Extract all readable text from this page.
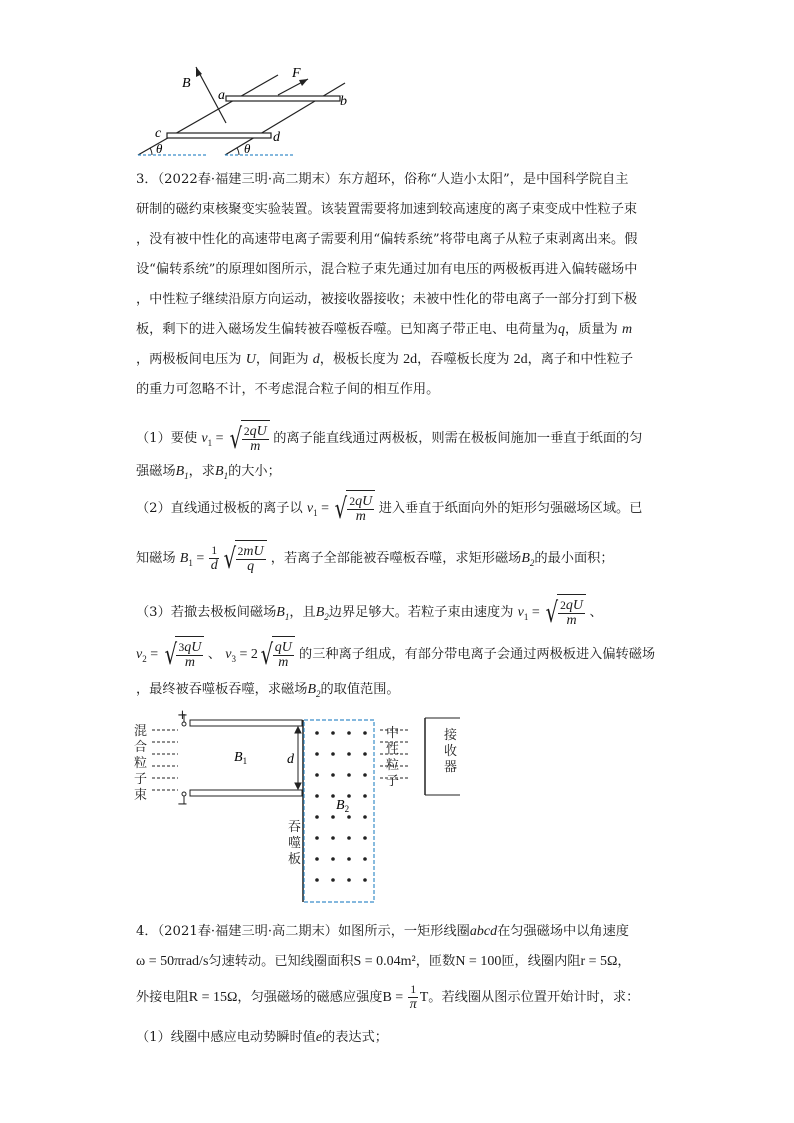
B
F
a	b
c	d
θ	θ
3．（2022春·福建三明·高二期末）东方超环，俗称“人造小太阳”，是中国科学院自主
研制的磁约束核聚变实验装置。该装置需要将加速到较高速度的离子束变成中性粒子束
，没有被中性化的高速带电离子需要利用“偏转系统”将带电离子从粒子束剥离出来。假
设“偏转系统”的原理如图所示，混合粒子束先通过加有电压的两极板再进入偏转磁场中
，中性粒子继续沿原方向运动，被接收器接收；未被中性化的带电离子一部分打到下极
板，剩下的进入磁场发生偏转被吞噬板吞噬。已知离子带正电、电荷量为q，质量为 m
，两极板间电压为 U，间距为 d，极板长度为 2d，吞噬板长度为 2d，离子和中性粒子
的重力可忽略不计，不考虑混合粒子间的相互作用。
（1）要使 $v_1$ = √ $\frac{2qU}{m}$ 的离子能直线通过两极板，则需在极板间施加一垂直于纸面的匀
强磁场$B_1$，求$B_1$的大小；
（2）直线通过极板的离子以 $v_1$ = √ $\frac{2qU}{m}$ 进入垂直于纸面向外的矩形匀强磁场区域。已
知磁场 $B_1 = \frac{1}{d}$ √ $\frac{2mU}{q}$ ，若离子全部能被吞噬板吞噬，求矩形磁场$B_2$的最小面积；
（3）若撤去极板间磁场$B_1$，且$B_2$边界足够大。若粒子束由速度为 $v_1$ = √ $\frac{2qU}{m}$ 、
$v_2$ = √ $\frac{3qU}{m}$ 、 $v_3 = 2$ √ $\frac{qU}{m}$ 的三种离子组成，有部分带电离子会通过两极板进入偏转磁场
，最终被吞噬板吞噬，求磁场$B_2$的取值范围。
+
−
混
合
粒
子
束
中
性
粒
子
接
收
器
吞
噬
板
$B_1$	d
$B_2$
4．（2021春·福建三明·高二期末）如图所示，一矩形线圈abcd在匀强磁场中以角速度
ω = 50πrad/s匀速转动。已知线圈面积S = 0.04m²，匝数N = 100匝，线圈内阻r = 5Ω，
外接电阻R = 15Ω，匀强磁场的磁感应强度$B = \frac{1}{\pi}$ T。若线圈从图示位置开始计时，求：
（1）线圈中感应电动势瞬时值e的表达式；
